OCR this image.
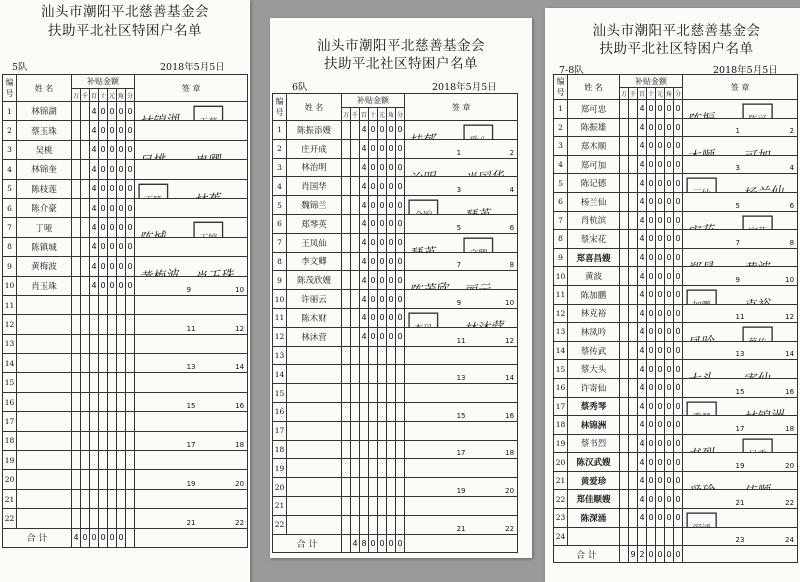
汕头市潮阳平北慈善基金会
扶助平北社区特困户名单
5队	2018年5月5日
编号	姓 名	补贴金额							签 章
		万	千	百	十	元	角	分	
1	林锦湖			4	0	0	0	0	林锦湖 玉蔡

2	蔡玉珠			4	0	0	0	0	
3	吴桃			4	0	0	0	0	吴桃 贵卿

4	林锦奎			4	0	0	0	0	
5	陈枝莲			4	0	0	0	0	丁哑 林蕉

6	陈介豪			4	0	0	0	0	
7	丁哑			4	0	0	0	0	陈城 丁婷

8	陈镇城			4	0	0	0	0	
9	黄梅波			4	0	0	0	0	黄梅波 肖玉珠

10	肖玉珠			4	0	0	0	0	9 10

11									
12									11 12

13									
14									13 14

15									
16									15 16

17									
18									17 18

19									
20									19 20

21									
22									21 22

合 计		4	0	0	0	0	0		
汕头市潮阳平北慈善基金会
扶助平北社区特困户名单
6队	2018年5月5日
编号	姓 名	补贴金额							签 章
		万	千	百	十	元	角	分	
1	陈振添嫂			4	0	0	0	0	桂郁 爱心

2	庄开成			4	0	0	0	0	1 2

3	林治明			4	0	0	0	0	治明 肖国华

4	肖国华			4	0	0	0	0	3 4

5	魏锦兰			4	0	0	0	0	金锦 琴英

6	郑琴英			4	0	0	0	0	5 6

7	王凤仙			4	0	0	0	0	琴英 文卿

8	李文卿			4	0	0	0	0	7 8

9	陈茂欣嫂			4	0	0	0	0	陈茂欣 丽云

10	许丽云			4	0	0	0	0	9 10

11	陈木财			4	0	0	0	0	李玛 林沐营

12	林沐营			4	0	0	0	0	11 12

13									
14									13 14

15									
16									15 16

17									
18									17 18

19									
20									19 20

21									
22									21 22

合 计			4	8	0	0	0	0	
汕头市潮阳平北慈善基金会
扶助平北社区特困户名单
7-8队	2018年5月5日
编号	姓 名	补贴金额							签 章
		万	千	百	十	元	角	分	
1	郑可忠			4	0	0	0	0	陈振 陈可

2	陈振雄			4	0	0	0	0	1 2

3	郑木顺			4	0	0	0	0	木顺 可加

4	郑可加			4	0	0	0	0	3 4

5	陈记德			4	0	0	0	0	三仙 杨兰仙

6	杨兰仙			4	0	0	0	0	5 6

7	肖杭滨			4	0	0	0	0	宋花 宋花

8	蔡宋花			4	0	0	0	0	7 8

9	郑喜昌嫂			4	0	0	0	0	郑昌 黄波

10	黄波			4	0	0	0	0	9 10

11	陈加鹏			4	0	0	0	0	加鹏 克裕

12	林克裕			4	0	0	0	0	11 12

13	林凤吟			4	0	0	0	0	凤吟 蔡传

14	蔡传武			4	0	0	0	0	13 14

15	蔡大头			4	0	0	0	0	大头 寄仙

16	许寄仙			4	0	0	0	0	15 16

17	蔡秀琴			4	0	0	0	0	秀琴 林锦洲

18	林锦洲			4	0	0	0	0	17 18

19	蔡书烈			4	0	0	0	0	书烈 日香

20	陈汉武嫂			4	0	0	0	0	19 20

21	黄爱珍			4	0	0	0	0	爱珍 佳顺

22	郑佳顺嫂			4	0	0	0	0	21 22

23	陈深涌			4	0	0	0	0	深涌

24									23 24

合 计			9	2	0	0	0	0	
